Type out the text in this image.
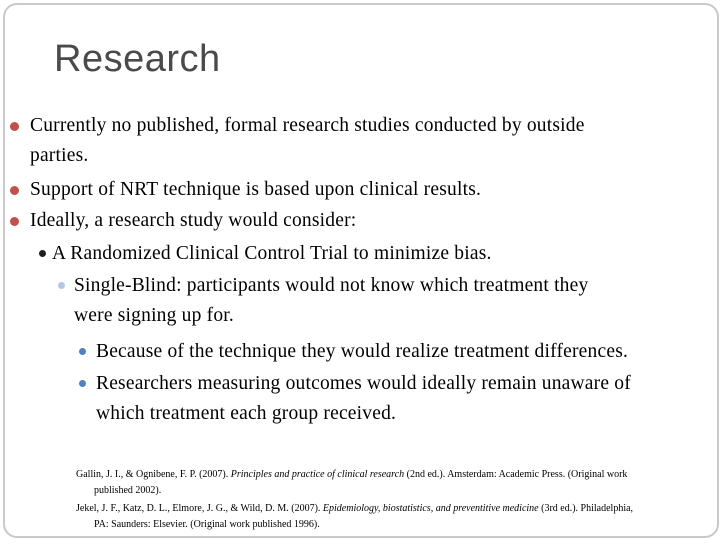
Research
Currently no published, formal research studies conducted by outside
parties.
Support of NRT technique is based upon clinical results.
Ideally, a research study would consider:
A Randomized Clinical Control Trial to minimize bias.
Single-Blind: participants would not know which treatment they
were signing up for.
Because of the technique they would realize treatment differences.
Researchers measuring outcomes would ideally remain unaware of
which treatment each group received.
Gallin, J. I., & Ognibene, F. P. (2007). Principles and practice of clinical research (2nd ed.). Amsterdam: Academic Press. (Original work
published 2002).
Jekel, J. F., Katz, D. L., Elmore, J. G., & Wild, D. M. (2007). Epidemiology, biostatistics, and preventitive medicine (3rd ed.). Philadelphia,
PA: Saunders: Elsevier. (Original work published 1996).
